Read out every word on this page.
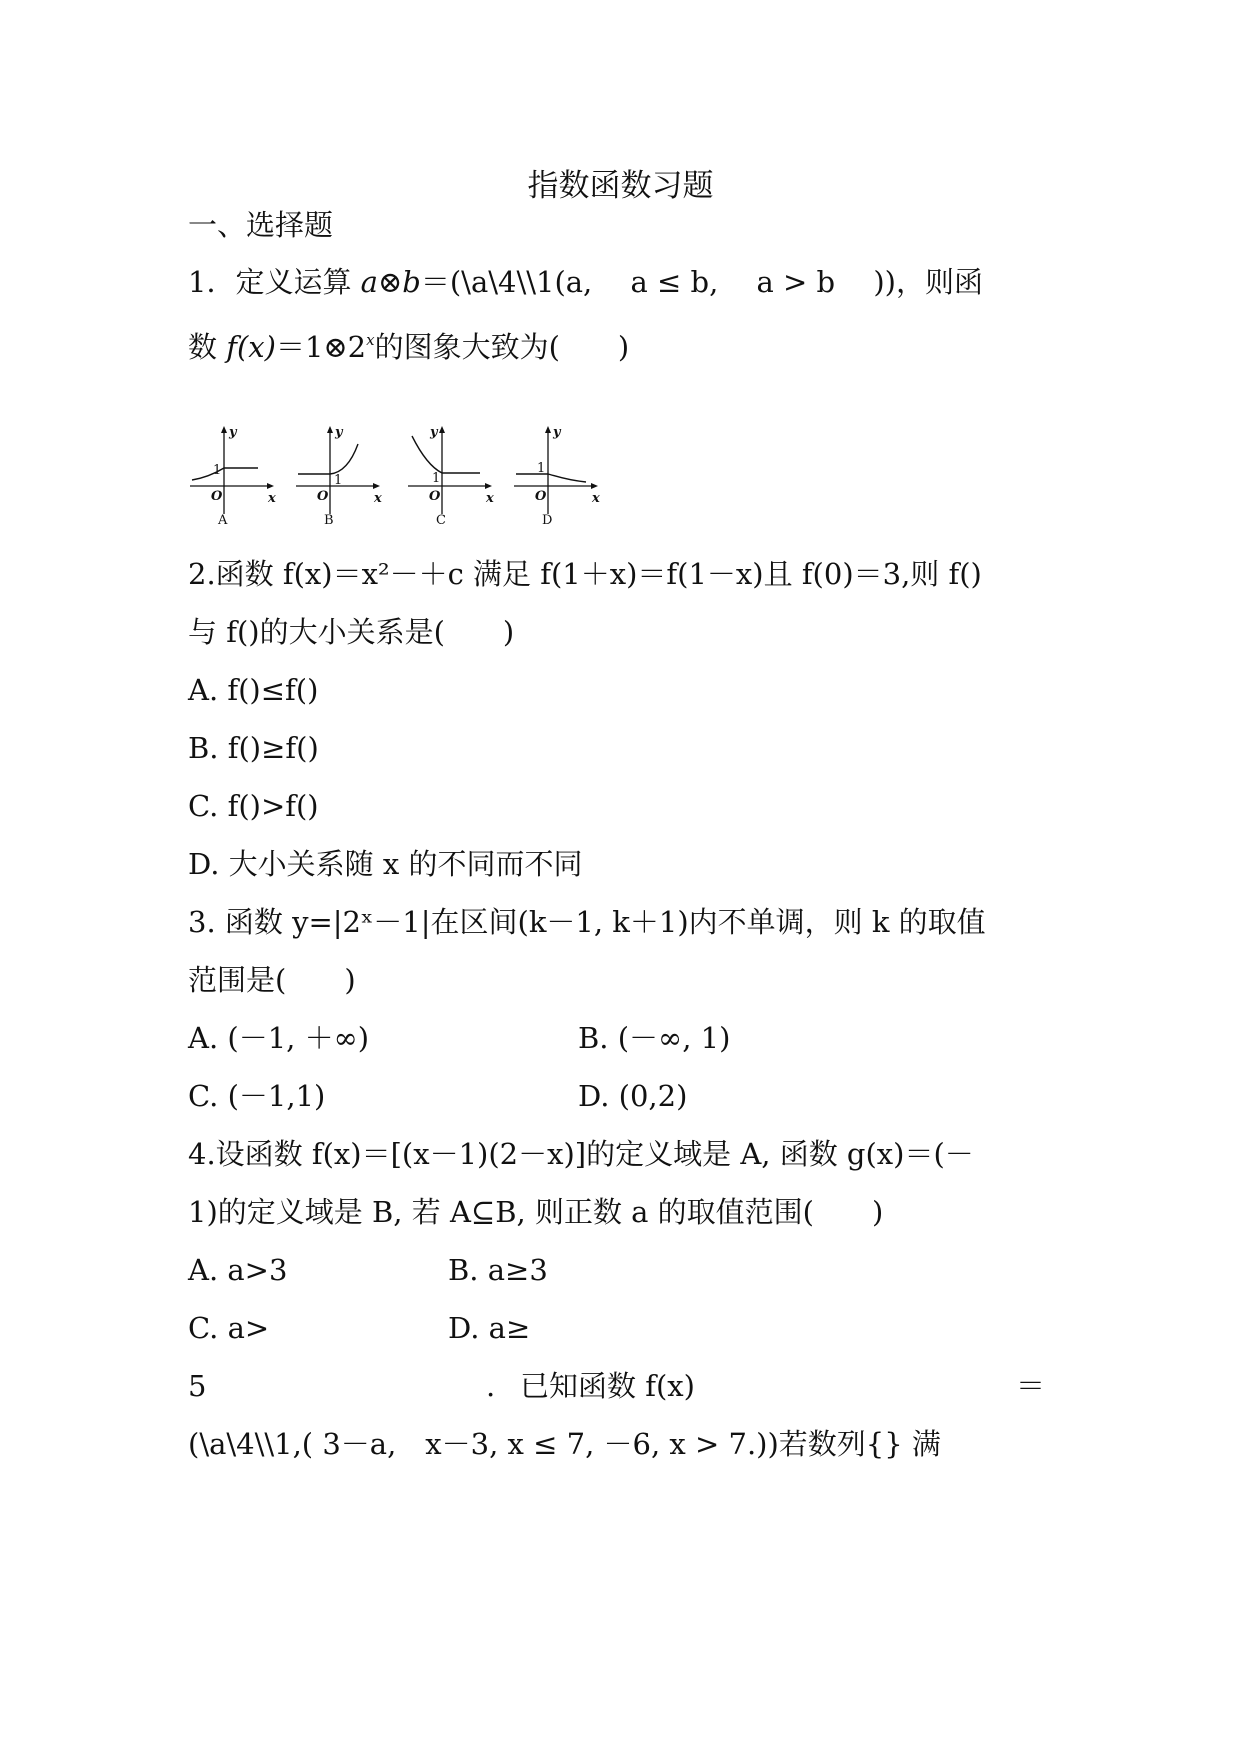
指数函数习题
一、选择题
1．定义运算 a⊗b＝(\a\4\\1(a,　 a ≤ b,　 a > b　 ))，则函
数 $f(x)=1\otimes 2^x$的图象大致为(　　)
y
x
1
O
A
y
x
1
O
B
y
x
1
O
C
y
x
1
O
D
2.函数 f(x)＝x²－＋c 满足 f(1＋x)＝f(1－x)且 f(0)＝3,则 f()
与 f()的大小关系是(　　)
A. f()≤f()
B. f()≥f()
C. f()>f()
D. 大小关系随 x 的不同而不同
3. 函数 y=|2ˣ－1|在区间(k－1, k＋1)内不单调，则 k 的取值
范围是(　　)
A. (－1, ＋∞)	B. (－∞, 1)
C. (－1,1)	D. (0,2)
4.设函数 f(x)＝[(x－1)(2－x)]的定义域是 A, 函数 g(x)＝(－
1)的定义域是 B, 若 A⊆B, 则正数 a 的取值范围(　　)
A. a>3	B. a≥3
C. a>	D. a≥
5	. 已知函数 f(x)	＝
(\a\4\\1,( 3－a,　x－3, x ≤ 7, －6, x > 7.))若数列{} 满
